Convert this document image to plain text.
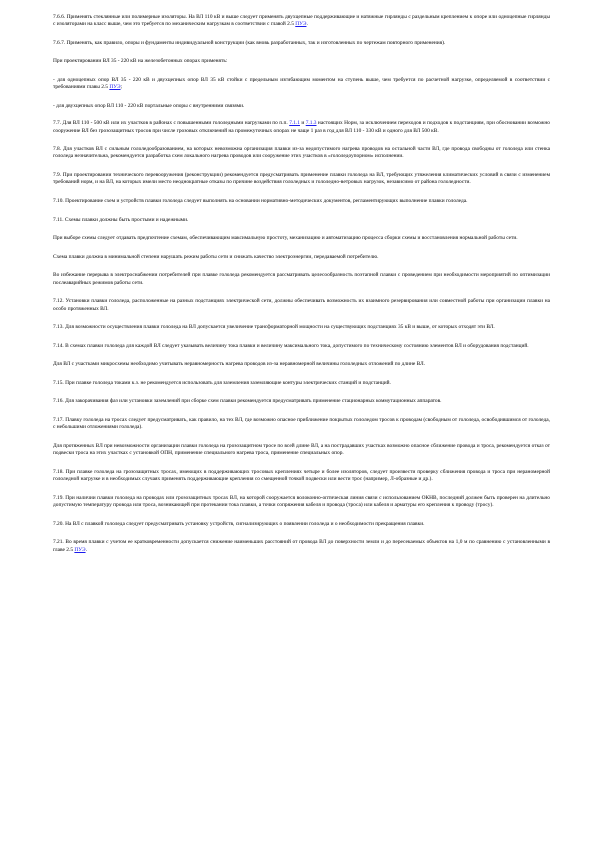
7.6.6. Применять стеклянные или полимерные изоляторы. На ВЛ 110 кВ и выше следует применять двухцепные поддерживающие и натяжные гирлянды с раздельным креплением к опоре или одноцепные гирлянды с изоляторами на класс выше, чем это требуется по механическим нагрузкам в соответствии с главой 2.5 ПУЭ.

7.6.7. Применять, как правило, опоры и фундаменты индивидуальной конструкции (как вновь разработанных, так и изготовленных по чертежам повторного применения).

При проектировании ВЛ 35 - 220 кВ на железобетонных опорах применять:

- для одноцепных опор ВЛ 35 - 220 кВ и двухцепных опор ВЛ 35 кВ стойки с предельным изгибающим моментом на ступень выше, чем требуется по расчетной нагрузке, определяемой в соответствии с требованиями главы 2.5 ПУЭ;

- для двухцепных опор ВЛ 110 - 220 кВ портальные опоры с внутренними связями.

7.7. Для ВЛ 110 - 500 кВ или их участков в районах с повышенными гололедными нагрузками по п.п. 7.1.1 и 7.1.3 настоящих Норм, за исключением переходов и подходов к подстанциям, при обосновании возможно сооружение ВЛ без грозозащитных тросов при числе грозовых отключений на промежуточных опорах не чаще 1 раз в год для ВЛ 110 - 330 кВ и одного для ВЛ 500 кВ.

7.8. Для участков ВЛ с сильным гололедообразованием, на которых невозможна организация плавки из-за недопустимого нагрева проводов на остальной части ВЛ, где провода свободны от гололеда или стенка гололеда незначительна, рекомендуется разработка схем локального нагрева проводов или сооружение этих участков в «гололедоупорном» исполнении.

7.9. При проектировании технического перевооружения (реконструкции) рекомендуется предусматривать применение плавки гололеда на ВЛ, требующих утяжеления климатических условий в связи с изменением требований норм, и на ВЛ, на которых имели место неоднократные отказы по причине воздействия гололедных и гололедно-ветровых нагрузок, независимо от района гололедности.

7.10. Проектирование схем и устройств плавки гололеда следует выполнять на основании нормативно-методических документов, регламентирующих выполнение плавки гололеда.

7.11. Схемы плавки должны быть простыми и надежными.

При выборе схемы следует отдавать предпочтение схемам, обеспечивающим максимальную простоту, механизацию и автоматизацию процесса сборки схемы и восстановления нормальной работы сети.

Схема плавки должна в минимальной степени нарушать режим работы сети и снижать качество электроэнергии, передаваемой потребителю.

Во избежание перерыва в электроснабжении потребителей при плавке гололеда рекомендуется рассматривать целесообразность поэтапной плавки с проведением при необходимости мероприятий по оптимизации послеаварийных режимов работы сети.

7.12. Установки плавки гололеда, расположенные на разных подстанциях электрической сети, должны обеспечивать возможность их взаимного резервирования или совместной работы при организации плавки на особо протяженных ВЛ.

7.13. Для возможности осуществления плавки гололеда на ВЛ допускается увеличение трансформаторной мощности на существующих подстанциях 35 кВ и выше, от которых отходят эти ВЛ.

7.14. В схемах плавки гололеда для каждой ВЛ следует указывать величину тока плавки и величину максимального тока, допустимого по техническому состоянию элементов ВЛ и оборудования подстанций.

Для ВЛ с участками микросхемы необходимо учитывать неравномерность нагрева проводов из-за неравномерной величины гололедных отложений по длине ВЛ.

7.15. При плавке гололеда токами к.з. не рекомендуется использовать для заземления заземляющие контуры электрических станций и подстанций.

7.16. Для закорачивания фаз или установки заземлений при сборке схем плавки рекомендуется предусматривать применение стационарных коммутационных аппаратов.

7.17. Плавку гололеда на тросах следует предусматривать, как правило, на тех ВЛ, где возможно опасное приближение покрытых гололедом тросов к проводам (свободным от гололеда, освободившимся от гололеда, с небольшими отложениями гололеда).

Для протяженных ВЛ при невозможности организации плавки гололеда на грозозащитном тросе по всей длине ВЛ, а на пострадавших участках возможно опасное сближение провода и троса, рекомендуется отказ от подвески троса на этих участках с установкой ОПН, применение специального нагрева троса, применение специальных опор.

7.18. При плавке гололеда на грозозащитных тросах, имеющих в поддерживающих тросовых креплениях четыре и более изоляторов, следует произвести проверку сближения провода и троса при нераномерной гололедной нагрузке и в необходимых случаях применять поддерживающие крепления со смещенной точкой подвески или вести трос (например, Л-образные и др.).

7.19. При наличии плавки гололеда на проводах или грозозащитных тросах ВЛ, на которой сооружается волоконно-оптическая линия связи с использованием ОКНВ, последний должен быть проверен на длительно допустимую температуру провода или троса, возникающей при протекании тока плавки, а точки сопряжения кабеля и провода (троса) или кабеля и арматуры его крепления к проводу (тросу).

7.20. На ВЛ с плавкой гололеда следует предусматривать установку устройств, сигнализирующих о появлении гололеда и о необходимости прекращения плавки.

7.21. Во время плавки с учетом ее кратковременности допускается снижение наименьших расстояний от провода ВЛ до поверхности земли и до пересекаемых объектов на 1,0 м по сравнению с установленными в главе 2.5 ПУЭ.
